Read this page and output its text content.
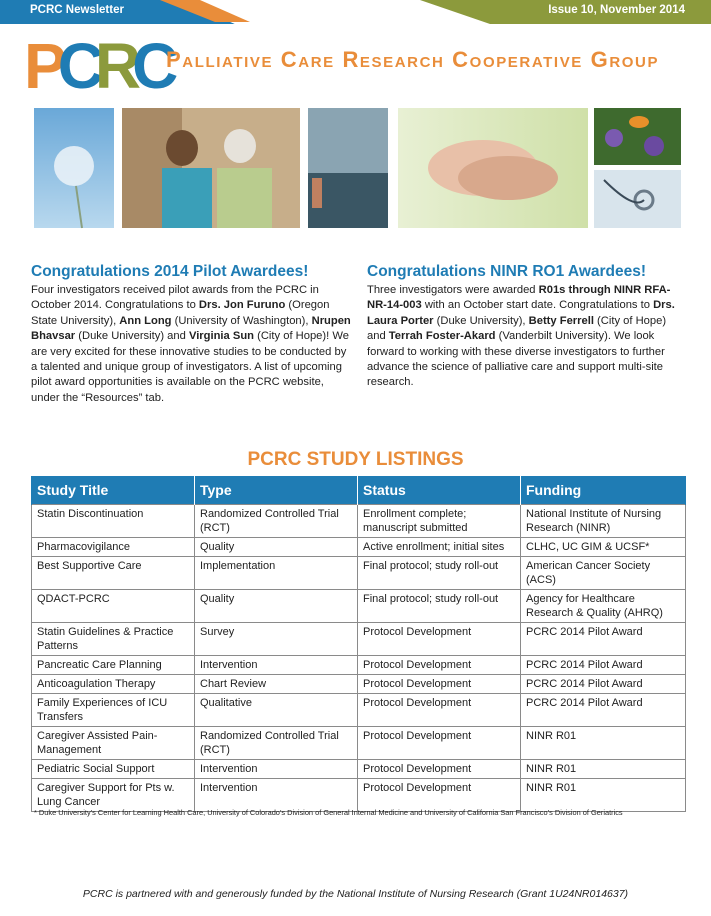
PCRC Newsletter	Issue 10, November 2014
PCRC
Palliative Care Research Cooperative Group
Congratulations 2014 Pilot Awardees!

Four investigators received pilot awards from the PCRC in October 2014. Congratulations to Drs. Jon Furuno (Oregon State University), Ann Long (University of Washington), Nrupen Bhavsar (Duke University) and Virginia Sun (City of Hope)! We are very excited for these innovative studies to be conducted by a talented and unique group of investigators. A list of upcoming pilot award opportunities is available on the PCRC website, under the “Resources” tab.

Congratulations NINR RO1 Awardees!

Three investigators were awarded R01s through NINR RFA-NR-14-003 with an October start date. Congratulations to Drs. Laura Porter (Duke University), Betty Ferrell (City of Hope) and Terrah Foster-Akard (Vanderbilt University). We look forward to working with these diverse investigators to further advance the science of palliative care and support multi-site research.

PCRC STUDY LISTINGS
Study Title	Type	Status	Funding
Statin Discontinuation	Randomized Controlled Trial (RCT)	Enrollment complete; manuscript submitted	National Institute of Nursing Research (NINR)
Pharmacovigilance	Quality	Active enrollment; initial sites	CLHC, UC GIM & UCSF*
Best Supportive Care	Implementation	Final protocol; study roll-out	American Cancer Society (ACS)
QDACT-PCRC	Quality	Final protocol; study roll-out	Agency for Healthcare Research & Quality (AHRQ)
Statin Guidelines & Practice Patterns	Survey	Protocol Development	PCRC 2014 Pilot Award
Pancreatic Care Planning	Intervention	Protocol Development	PCRC 2014 Pilot Award
Anticoagulation Therapy	Chart Review	Protocol Development	PCRC 2014 Pilot Award
Family Experiences of ICU Transfers	Qualitative	Protocol Development	PCRC 2014 Pilot Award
Caregiver Assisted Pain-Management	Randomized Controlled Trial (RCT)	Protocol Development	NINR R01
Pediatric Social Support	Intervention	Protocol Development	NINR R01
Caregiver Support for Pts w. Lung Cancer	Intervention	Protocol Development	NINR R01
* Duke University’s Center for Learning Health Care, University of Colorado’s Division of General Internal Medicine and University of California San Francisco’s Division of Geriatrics
PCRC is partnered with and generously funded by the National Institute of Nursing Research (Grant 1U24NR014637)
